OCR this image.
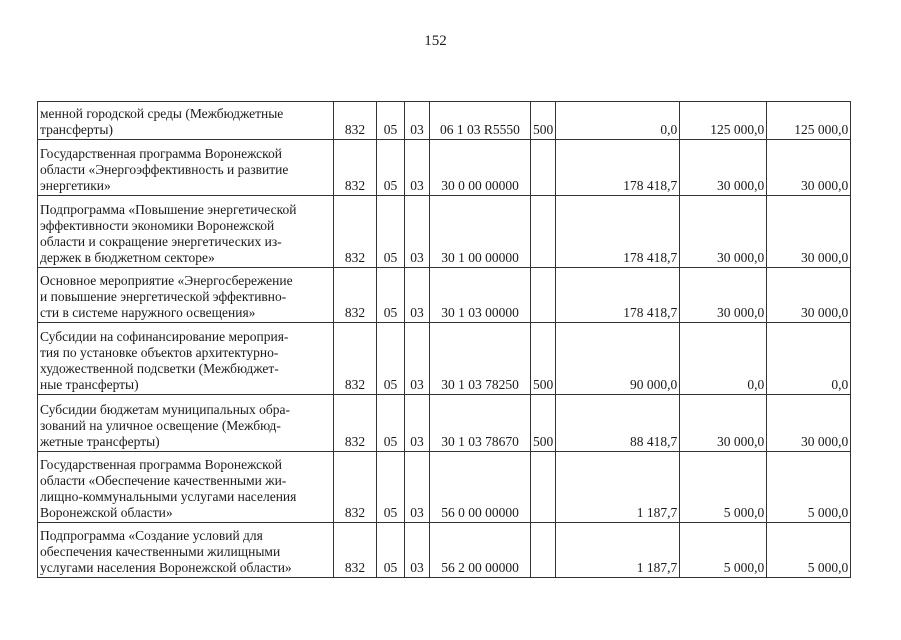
152
менной городской среды (Межбюджетные
трансферты)	832	05	03	06 1 03 R5550	500	0,0	125 000,0	125 000,0

Государственная программа Воронежской
области «Энергоэффективность и развитие
энергетики»	832	05	03	30 0 00 00000		178 418,7	30 000,0	30 000,0

Подпрограмма «Повышение энергетической
эффективности экономики Воронежской
области и сокращение энергетических из-
держек в бюджетном секторе»	832	05	03	30 1 00 00000		178 418,7	30 000,0	30 000,0

Основное мероприятие «Энергосбережение
и повышение энергетической эффективно-
сти в системе наружного освещения»	832	05	03	30 1 03 00000		178 418,7	30 000,0	30 000,0

Субсидии на софинансирование мероприя-
тия по установке объектов архитектурно-
художественной подсветки (Межбюджет-
ные трансферты)	832	05	03	30 1 03 78250	500	90 000,0	0,0	0,0

Субсидии бюджетам муниципальных обра-
зований на уличное освещение (Межбюд-
жетные трансферты)	832	05	03	30 1 03 78670	500	88 418,7	30 000,0	30 000,0

Государственная программа Воронежской
области «Обеспечение качественными жи-
лищно-коммунальными услугами населения
Воронежской области»	832	05	03	56 0 00 00000		1 187,7	5 000,0	5 000,0

Подпрограмма «Создание условий для
обеспечения качественными жилищными
услугами населения Воронежской области»	832	05	03	56 2 00 00000		1 187,7	5 000,0	5 000,0
